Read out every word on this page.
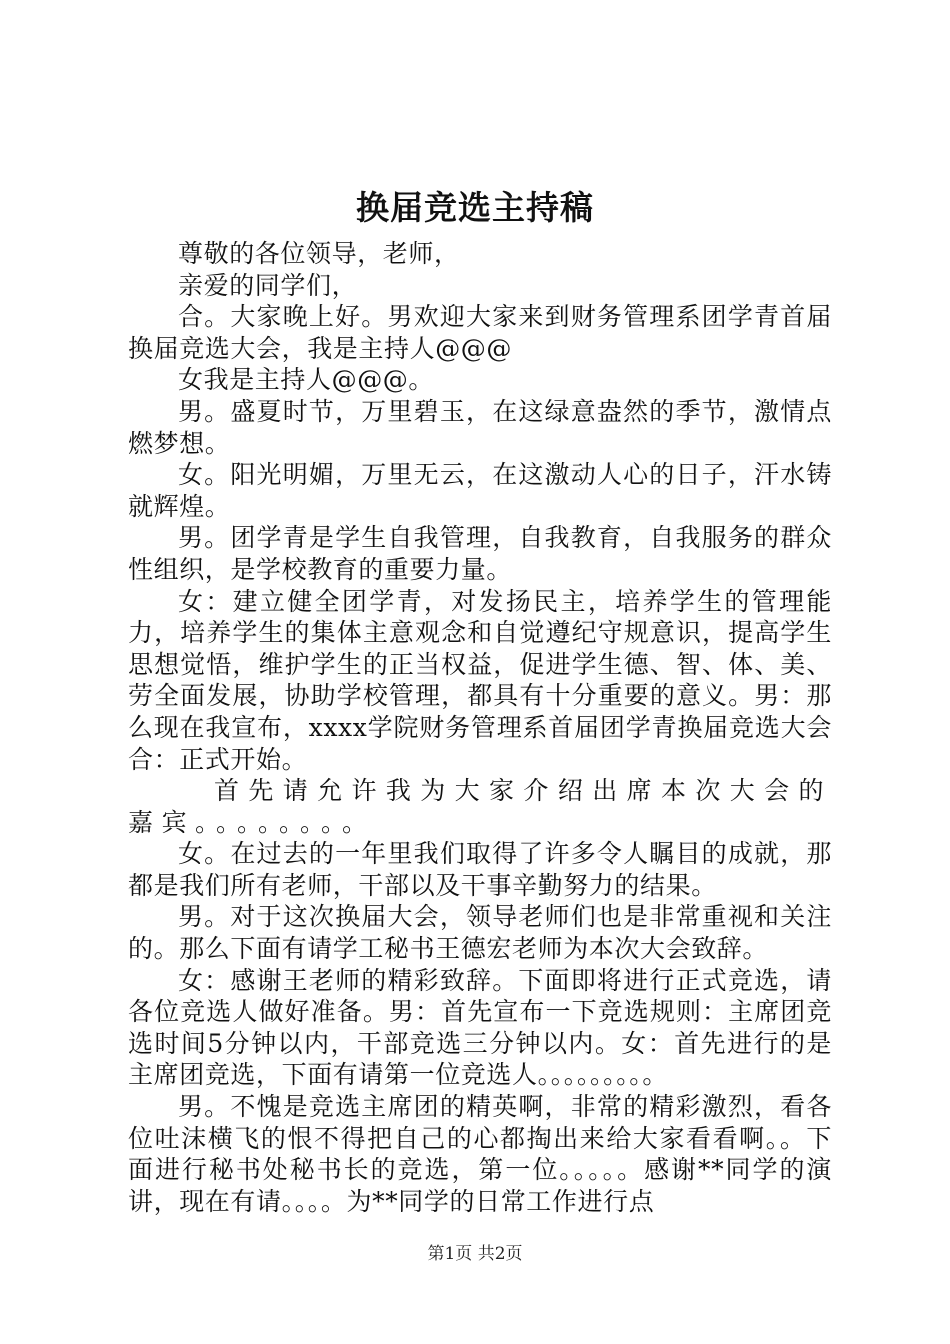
换届竞选主持稿

尊敬的各位领导，老师，

亲爱的同学们，

合。大家晚上好。男欢迎大家来到财务管理系团学青首届换届竞选大会，我是主持人@@@

女我是主持人@@@。

男。盛夏时节，万里碧玉，在这绿意盎然的季节，激情点燃梦想。

女。阳光明媚，万里无云，在这激动人心的日子，汗水铸就辉煌。

男。团学青是学生自我管理，自我教育，自我服务的群众性组织，是学校教育的重要力量。

女：建立健全团学青，对发扬民主，培养学生的管理能力，培养学生的集体主意观念和自觉遵纪守规意识，提高学生思想觉悟，维护学生的正当权益，促进学生德、智、体、美、劳全面发展，协助学校管理，都具有十分重要的意义。男：那么现在我宣布，xxxx学院财务管理系首届团学青换届竞选大会合：正式开始。

首先请允许我为大家介绍出席本次大会的嘉宾。。。。。。。。

女。在过去的一年里我们取得了许多令人瞩目的成就，那都是我们所有老师，干部以及干事辛勤努力的结果。

男。对于这次换届大会，领导老师们也是非常重视和关注的。那么下面有请学工秘书王德宏老师为本次大会致辞。

女：感谢王老师的精彩致辞。下面即将进行正式竞选，请各位竞选人做好准备。男：首先宣布一下竞选规则：主席团竞选时间5分钟以内，干部竞选三分钟以内。女：首先进行的是主席团竞选，下面有请第一位竞选人。。。。。。。。。

男。不愧是竞选主席团的精英啊，非常的精彩激烈，看各位吐沫横飞的恨不得把自己的心都掏出来给大家看看啊。。下面进行秘书处秘书长的竞选，第一位。。。。。感谢**同学的演讲，现在有请。。。。为**同学的日常工作进行点

第1页 共2页
